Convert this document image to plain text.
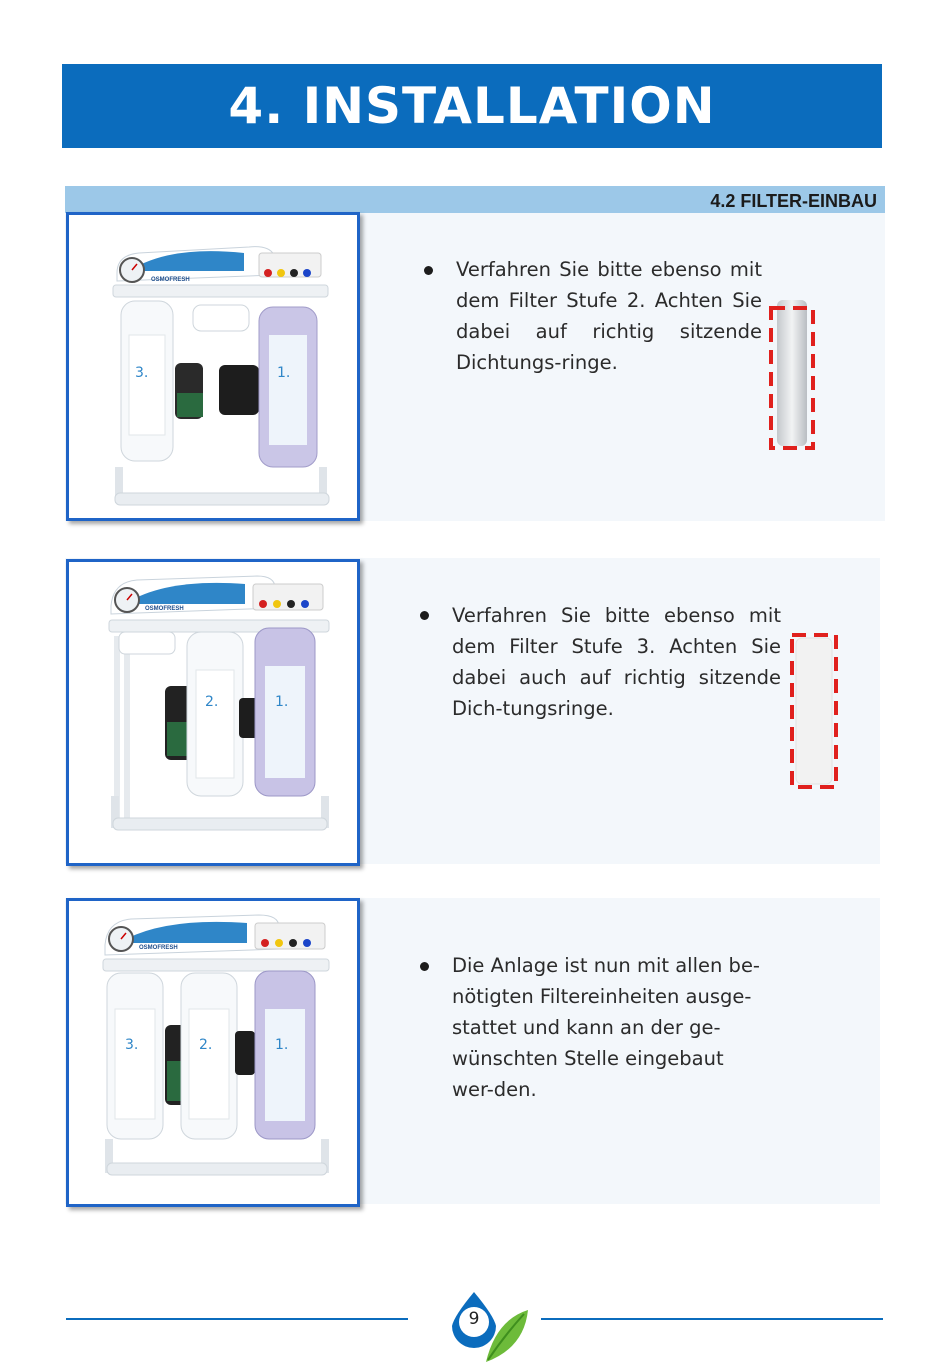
4. INSTALLATION
4.2 FILTER-EINBAU
OSMOFRESH
3.	1.
Verfahren Sie bitte ebenso mit dem Filter Stufe 2. Achten Sie dabei auf richtig sitzende Dichtungs-ringe.
OSMOFRESH
2.	1.
Verfahren Sie bitte ebenso mit dem Filter Stufe 3. Achten Sie dabei auch auf richtig sitzende Dich-tungsringe.
OSMOFRESH
3.	2.	1.
Die Anlage ist nun mit allen be-nötigten Filtereinheiten ausge-stattet und kann an der ge-wünschten Stelle eingebaut wer-den.
9
